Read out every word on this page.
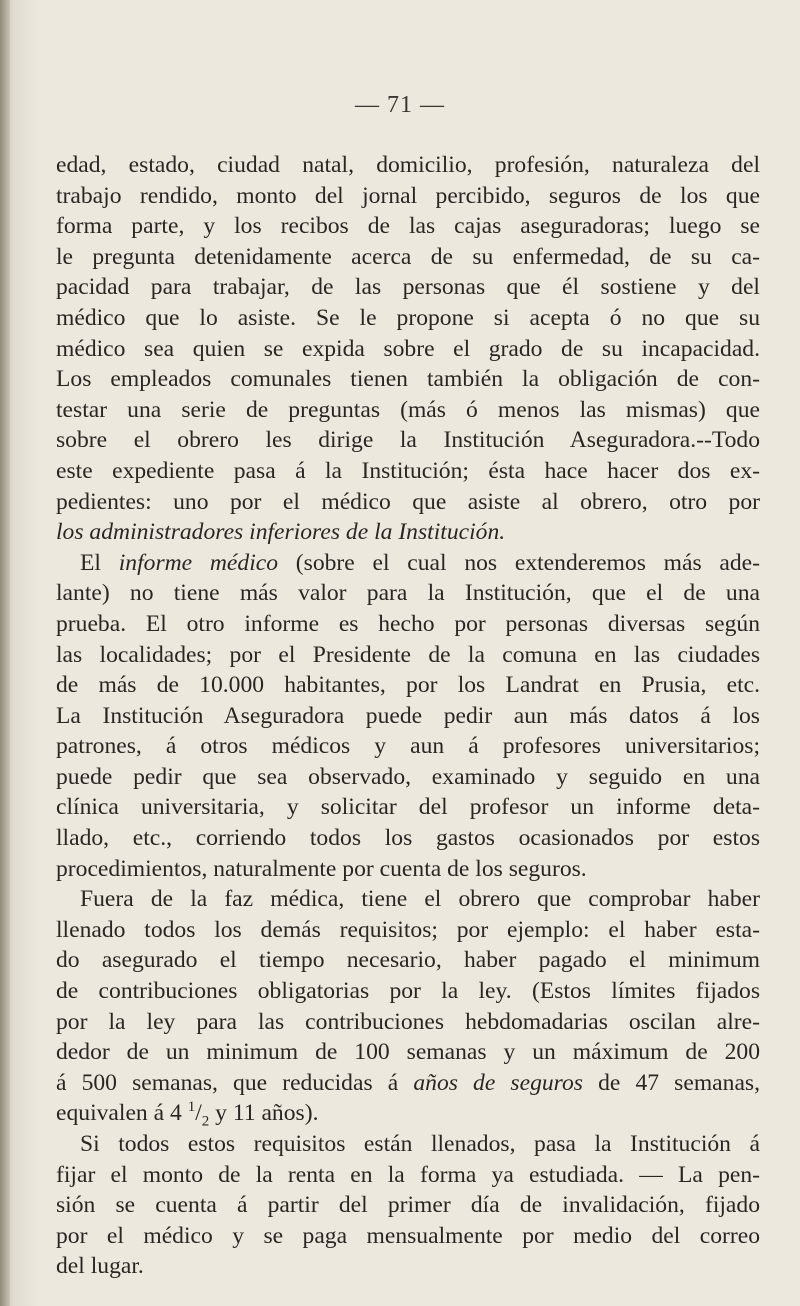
— 71 —
edad, estado, ciudad natal, domicilio, profesión, naturaleza del
trabajo rendido, monto del jornal percibido, seguros de los que
forma parte, y los recibos de las cajas aseguradoras; luego se
le pregunta detenidamente acerca de su enfermedad, de su ca-
pacidad para trabajar, de las personas que él sostiene y del
médico que lo asiste. Se le propone si acepta ó no que su
médico sea quien se expida sobre el grado de su incapacidad.
Los empleados comunales tienen también la obligación de con-
testar una serie de preguntas (más ó menos las mismas) que
sobre el obrero les dirige la Institución Aseguradora.--Todo
este expediente pasa á la Institución; ésta hace hacer dos ex-
pedientes: uno por el médico que asiste al obrero, otro por
los administradores inferiores de la Institución.
El informe médico (sobre el cual nos extenderemos más ade-
lante) no tiene más valor para la Institución, que el de una
prueba. El otro informe es hecho por personas diversas según
las localidades; por el Presidente de la comuna en las ciudades
de más de 10.000 habitantes, por los Landrat en Prusia, etc.
La Institución Aseguradora puede pedir aun más datos á los
patrones, á otros médicos y aun á profesores universitarios;
puede pedir que sea observado, examinado y seguido en una
clínica universitaria, y solicitar del profesor un informe deta-
llado, etc., corriendo todos los gastos ocasionados por estos
procedimientos, naturalmente por cuenta de los seguros.
Fuera de la faz médica, tiene el obrero que comprobar haber
llenado todos los demás requisitos; por ejemplo: el haber esta-
do asegurado el tiempo necesario, haber pagado el minimum
de contribuciones obligatorias por la ley. (Estos límites fijados
por la ley para las contribuciones hebdomadarias oscilan alre-
dedor de un minimum de 100 semanas y un máximum de 200
á 500 semanas, que reducidas á años de seguros de 47 semanas,
equivalen á 4 $^1/_2$ y 11 años).
Si todos estos requisitos están llenados, pasa la Institución á
fijar el monto de la renta en la forma ya estudiada. — La pen-
sión se cuenta á partir del primer día de invalidación, fijado
por el médico y se paga mensualmente por medio del correo
del lugar.
